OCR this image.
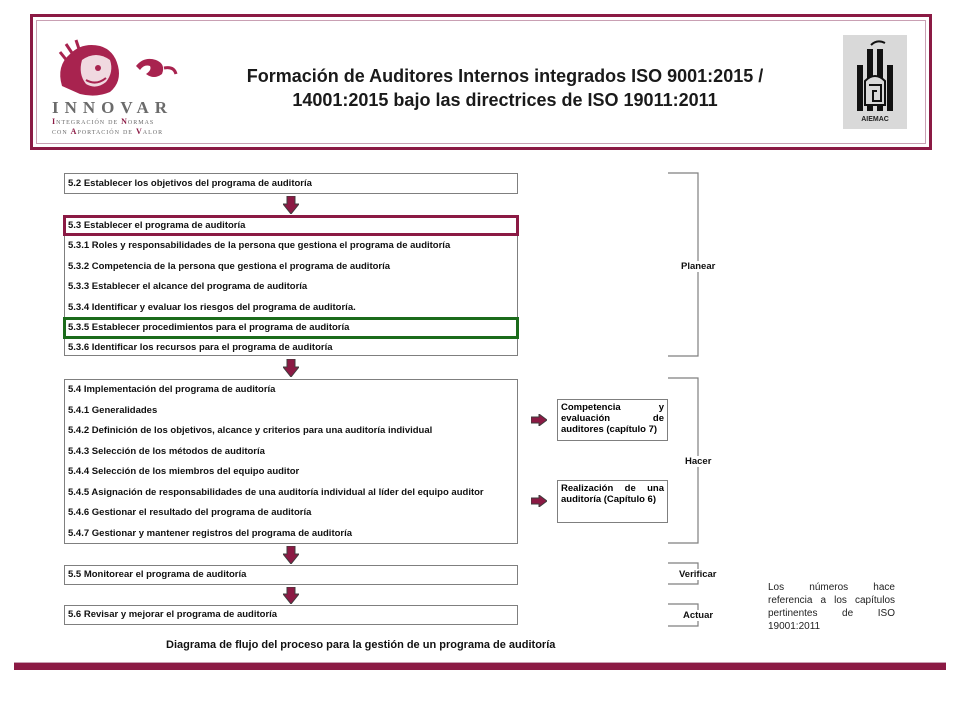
INNOVAR
Integración de Normas
con Aportación de Valor
Formación de Auditores Internos integrados ISO 9001:2015 /
14001:2015 bajo las directrices de ISO 19011:2011
AIEMAC
5.2 Establecer los objetivos del programa de auditoría
5.3 Establecer el programa de auditoría
5.3.1 Roles y responsabilidades de la persona que gestiona el programa de auditoría
5.3.2 Competencia de la persona que gestiona el programa de auditoría
5.3.3 Establecer el alcance del programa de auditoría
5.3.4 Identificar y evaluar los riesgos del programa de auditoría.
5.3.5 Establecer procedimientos para el programa de auditoría
5.3.6 Identificar los recursos para el programa de auditoría
5.4 Implementación del programa de auditoría
5.4.1 Generalidades
5.4.2 Definición de los objetivos, alcance y criterios para una auditoría individual
5.4.3 Selección de los métodos de auditoría
5.4.4 Selección de los miembros del equipo auditor
5.4.5 Asignación de responsabilidades de una auditoría individual al líder del equipo auditor
5.4.6 Gestionar el resultado del programa de auditoría
5.4.7 Gestionar y mantener registros del programa de auditoría
5.5 Monitorear el programa de auditoría
5.6 Revisar y mejorar el programa de auditoría
Competencia y evaluación de auditores (capítulo 7)
Realización de una auditoría (Capítulo 6)
Planear
Hacer
Verificar
Actuar
Los números hace referencia a los capítulos pertinentes de ISO 19001:2011
Diagrama de flujo del proceso para la gestión de un programa de auditoría
